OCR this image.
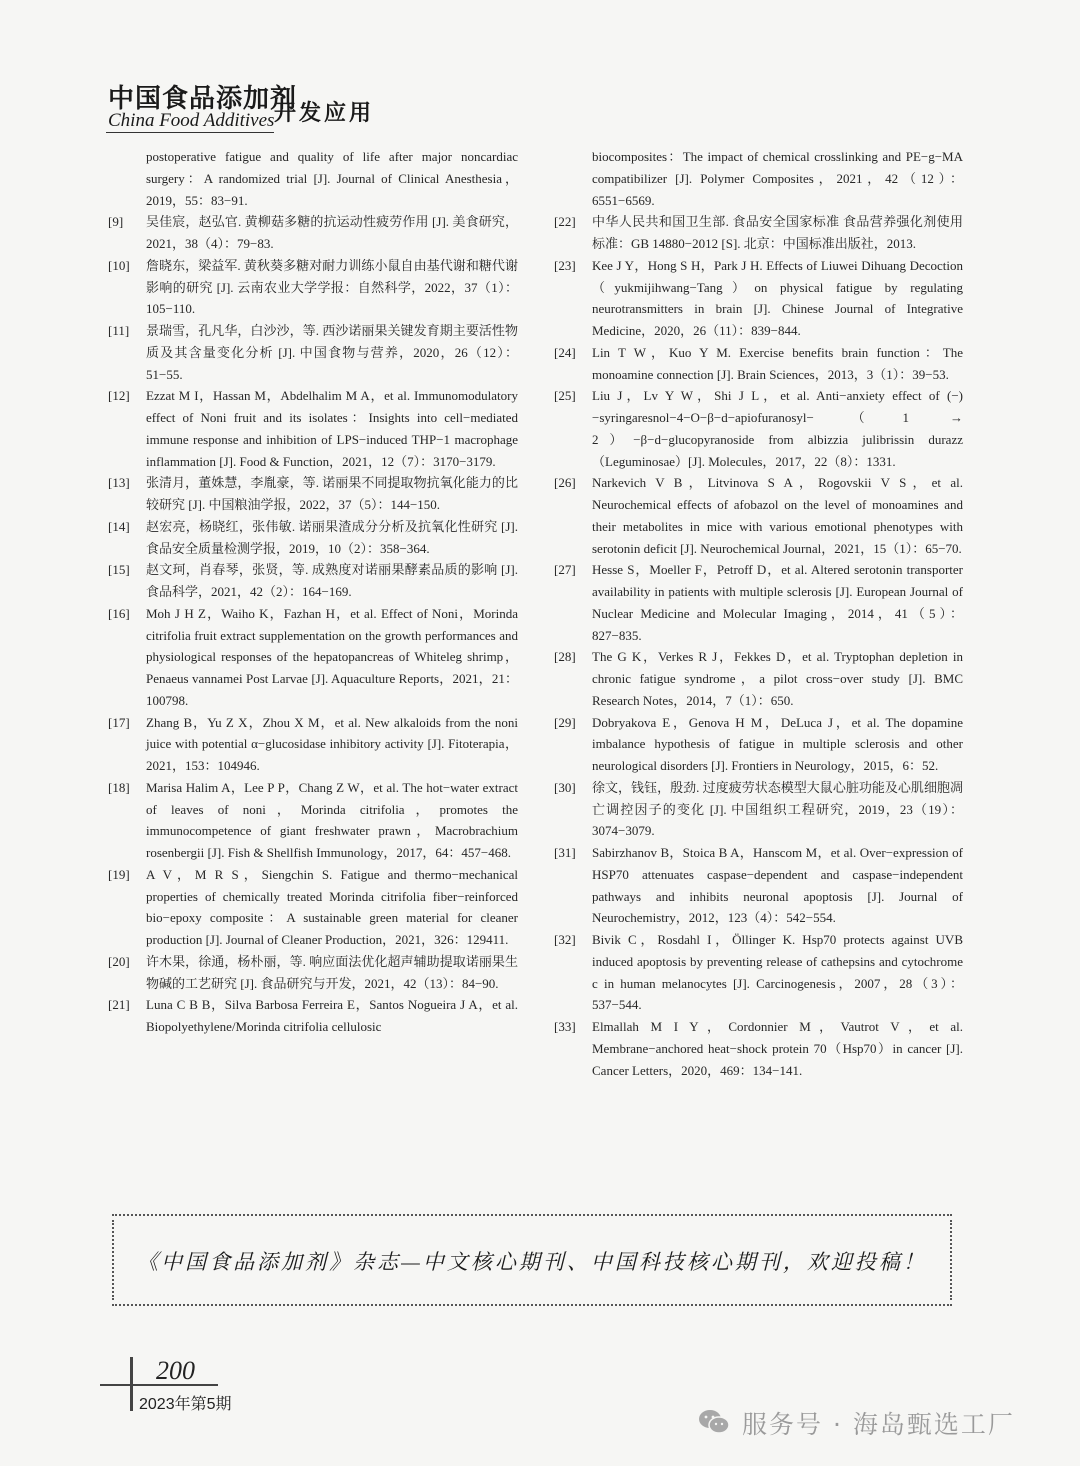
中国食品添加剂
China Food Additives 开发应用
postoperative fatigue and quality of life after major noncardiac surgery：A randomized trial [J]. Journal of Clinical Anesthesia，2019，55：83−91.
[9] 吴佳宸，赵弘官. 黄柳菇多糖的抗运动性疲劳作用 [J]. 美食研究，2021，38（4）：79−83.
[10] 詹晓东，梁益军. 黄秋葵多糖对耐力训练小鼠自由基代谢和糖代谢影响的研究 [J]. 云南农业大学学报：自然科学，2022，37（1）：105−110.
[11] 景瑞雪，孔凡华，白沙沙，等. 西沙诺丽果关键发育期主要活性物质及其含量变化分析 [J]. 中国食物与营养，2020，26（12）：51−55.
[12] Ezzat M I，Hassan M，Abdelhalim M A，et al. Immunomodulatory effect of Noni fruit and its isolates：Insights into cell−mediated immune response and inhibition of LPS−induced THP−1 macrophage inflammation [J]. Food & Function，2021，12（7）：3170−3179.
[13] 张清月，董姝慧，李胤豪，等. 诺丽果不同提取物抗氧化能力的比较研究 [J]. 中国粮油学报，2022，37（5）：144−150.
[14] 赵宏亮，杨晓红，张伟敏. 诺丽果渣成分分析及抗氧化性研究 [J]. 食品安全质量检测学报，2019，10（2）：358−364.
[15] 赵文珂，肖春琴，张贤，等. 成熟度对诺丽果酵素品质的影响 [J]. 食品科学，2021，42（2）：164−169.
[16] Moh J H Z，Waiho K，Fazhan H，et al. Effect of Noni，Morinda citrifolia fruit extract supplementation on the growth performances and physiological responses of the hepatopancreas of Whiteleg shrimp，Penaeus vannamei Post Larvae [J]. Aquaculture Reports，2021，21：100798.
[17] Zhang B，Yu Z X，Zhou X M，et al. New alkaloids from the noni juice with potential α−glucosidase inhibitory activity [J]. Fitoterapia，2021，153：104946.
[18] Marisa Halim A，Lee P P，Chang Z W，et al. The hot−water extract of leaves of noni，Morinda citrifolia，promotes the immunocompetence of giant freshwater prawn，Macrobrachium rosenbergii [J]. Fish & Shellfish Immunology，2017，64：457−468.
[19] A V，M R S，Siengchin S. Fatigue and thermo−mechanical properties of chemically treated Morinda citrifolia fiber−reinforced bio−epoxy composite：A sustainable green material for cleaner production [J]. Journal of Cleaner Production，2021，326：129411.
[20] 许木果，徐通，杨朴丽，等. 响应面法优化超声辅助提取诺丽果生物碱的工艺研究 [J]. 食品研究与开发，2021，42（13）：84−90.
[21] Luna C B B，Silva Barbosa Ferreira E，Santos Nogueira J A，et al. Biopolyethylene/Morinda citrifolia cellulosic
biocomposites：The impact of chemical crosslinking and PE−g−MA compatibilizer [J]. Polymer Composites，2021，42（12）：6551−6569.
[22] 中华人民共和国卫生部. 食品安全国家标准 食品营养强化剂使用标准：GB 14880−2012 [S]. 北京：中国标准出版社，2013.
[23] Kee J Y，Hong S H，Park J H. Effects of Liuwei Dihuang Decoction（yukmijihwang−Tang）on physical fatigue by regulating neurotransmitters in brain [J]. Chinese Journal of Integrative Medicine，2020，26（11）：839−844.
[24] Lin T W，Kuo Y M. Exercise benefits brain function：The monoamine connection [J]. Brain Sciences，2013，3（1）：39−53.
[25] Liu J，Lv Y W，Shi J L，et al. Anti−anxiety effect of (−)−syringaresnol−4−O−β−d−apiofuranosyl−（1 → 2）−β−d−glucopyranoside from albizzia julibrissin durazz（Leguminosae）[J]. Molecules，2017，22（8）：1331.
[26] Narkevich V B，Litvinova S A，Rogovskii V S，et al. Neurochemical effects of afobazol on the level of monoamines and their metabolites in mice with various emotional phenotypes with serotonin deficit [J]. Neurochemical Journal，2021，15（1）：65−70.
[27] Hesse S，Moeller F，Petroff D，et al. Altered serotonin transporter availability in patients with multiple sclerosis [J]. European Journal of Nuclear Medicine and Molecular Imaging，2014，41（5）：827−835.
[28] The G K，Verkes R J，Fekkes D，et al. Tryptophan depletion in chronic fatigue syndrome，a pilot cross−over study [J]. BMC Research Notes，2014，7（1）：650.
[29] Dobryakova E，Genova H M，DeLuca J，et al. The dopamine imbalance hypothesis of fatigue in multiple sclerosis and other neurological disorders [J]. Frontiers in Neurology，2015，6：52.
[30] 徐文，钱钰，殷劲. 过度疲劳状态模型大鼠心脏功能及心肌细胞凋亡调控因子的变化 [J]. 中国组织工程研究，2019，23（19）：3074−3079.
[31] Sabirzhanov B，Stoica B A，Hanscom M，et al. Over−expression of HSP70 attenuates caspase−dependent and caspase−independent pathways and inhibits neuronal apoptosis [J]. Journal of Neurochemistry，2012，123（4）：542−554.
[32] Bivik C，Rosdahl I，Öllinger K. Hsp70 protects against UVB induced apoptosis by preventing release of cathepsins and cytochrome c in human melanocytes [J]. Carcinogenesis，2007，28（3）：537−544.
[33] Elmallah M I Y，Cordonnier M，Vautrot V，et al. Membrane−anchored heat−shock protein 70（Hsp70）in cancer [J]. Cancer Letters，2020，469：134−141.
《中国食品添加剂》杂志—中文核心期刊、中国科技核心期刊，欢迎投稿！
200
2023年第5期
服务号 · 海岛甄选工厂
